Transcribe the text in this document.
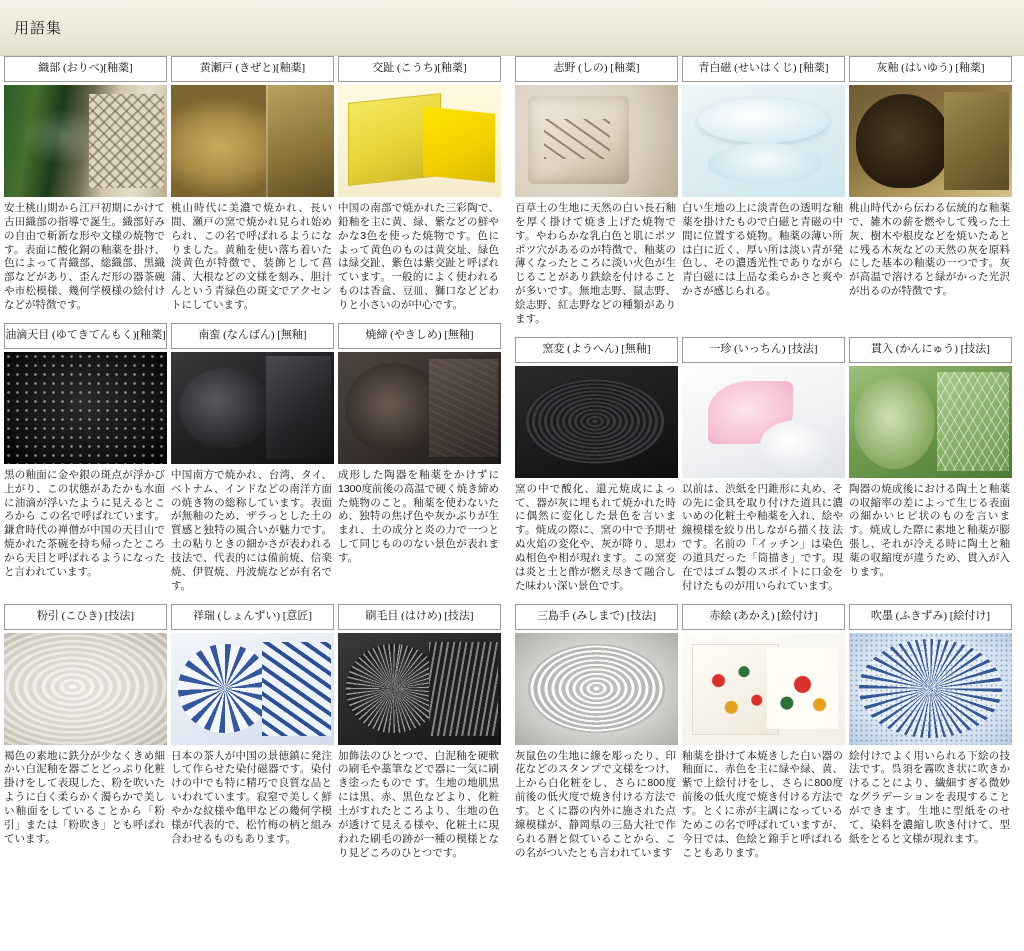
用語集
織部 (おりべ)[釉薬]
安土桃山期から江戸初期にかけて古田織部の指導で誕生。織部好みの自由で斬新な形や文様の焼物です。表面に酸化銅の釉薬を掛け、色によって青織部、総織部、黒織部などがあり、歪んだ形の器茶碗や市松模様、幾何学模様の絵付けなどが特徴です。
黄瀬戸 (きぜと)[釉薬]
桃山時代に美濃で焼かれ、長い間、瀬戸の窯で焼かれ見られ始められ、この名で呼ばれるようになりました。黄釉を使い落ち着いた淡黄色が特徴で、装飾として菖蒲、大根などの文様を刻み、胆汁んという青緑色の斑文でアクセントにしています。
交趾 (こうち)[釉薬]
中国の南部で焼かれた三彩陶で、鉛釉を主に黄、緑、紫などの鮮やかな3色を使った焼物です。色によって黄色のものは黄交址、緑色は緑交趾、紫色は紫交趾と呼ばれています。一般的によく使われるものは香盒、豆皿、獅口などどわりと小さいのが中心です。
油滴天目 (ゆてきてんもく)[釉薬]
黒の釉面に金や銀の斑点が浮かび上がり、この状態があたかも水面に油滴が浮いたように見えるところから この名で呼ばれています。鎌倉時代の禅僧が中国の天目山で焼かれた茶碗を持ち帰ったところから天目と呼ばれるようになったと言われています。
南蛮 (なんばん) [無釉]
中国南方で焼かれ、台湾、タイ、ベトナム、インドなどの南洋方面の焼き物の総称しています。表面が無釉のため、ザラっとした土の質感と独特の風合いが魅力です。土の粘りときの細かさが表われる技法で、代表的には備前焼、信楽焼、伊賀焼、丹波焼などが有名です。
焼締 (やきしめ) [無釉]
成形した陶器を釉薬をかけずに1300度前後の高温で硬く焼き締めた焼物のこと。釉薬を使わないため、独特の焦げ色や灰かぶりが生まれ、土の成分と炎の力で一つとして同じもののない景色が表れます。
粉引 (こひき) [技法]
褐色の素地に鉄分が少なくきめ細かい白泥釉を器ごとどっぷり化粧掛けをして表現した、粉を吹いたように白く柔らかく濁らかで美しい釉面をしていることから「粉引」または「粉吹き」とも呼ばれています。
祥瑞 (しょんずい) [意匠]
日本の茶人が中国の景徳鎮に発注して作らせた染付磁器です。染付けの中でも特に精巧で良質な品といわれています。寂窒で美しく鮮やかな紋様や亀甲などの幾何学模様が代表的で、松竹梅の柄と組み合わせるものもあります。
刷毛目 (はけめ) [技法]
加飾法のひとつで、白泥釉を硬軟の刷毛や藁筆などで器に一気に刷き塗ったもので す。生地の地肌黒には黒、赤、黒色などより、化粧土がすれたところより、生地の色が透けて見える様や、化粧土に現われた刷毛の跡が一種の模様となり見どころのひとつです。
志野 (しの) [釉薬]
百草土の生地に天然の白い長石釉を厚く掛けて焼き上げた焼物です。やわらかな乳白色と肌にポツポツ穴があるのが特徴で、釉薬の薄くなったところに淡い火色が生じることがあり鉄絵を付けることが多いです。無地志野、鼠志野、絵志野、紅志野などの種類があります。
青白磁 (せいはくじ) [釉薬]
白い生地の上に淡青色の透明な釉薬を掛けたもので白磁と青磁の中間に位置する焼物。釉薬の薄い所は白に近く、厚い所は淡い青が発色し、その濃透光性でありながら青白磁には上品な柔らかさと爽やかさが感じられる。
灰釉 (はいゆう) [釉薬]
桃山時代から伝わる伝統的な釉薬で、雑木の薪を燃やして残った土灰、樹木や根皮などを焼いたあとに残る木灰などの天然の灰を原料にした基本の釉薬の一つです。灰が高温で溶けると緑がかった光沢が出るのが特徴です。
窯変 (ようへん) [無釉]
窯の中で酸化、還元焼成によって、器が灰に埋もれて焼かれた時に偶然に変化した景色を言います。焼成の際に、窯の中で予期せぬ火焰の変化や、灰が降り、思わぬ相色や相が現れます。この窯変は炎と土と酢が燃え尽きて融合した味わい深い景色です。
一珍 (いっちん) [技法]
以前は、渋紙を円錐形に丸め、その先に金具を取り付けた道具に濃いめの化粧土や釉薬を入れ、絵や線模様を絞り出しながら描く技 法です。名前の「イッチン」は染色の道具だった「筒描き」です。現在ではゴム製のスポイトに口金を付けたものが用いられています。
貫入 (かんにゅう) [技法]
陶器の焼成後における陶土と釉薬の収縮率の差によって生じる表面の細かいヒビ状のものを言います。焼成した際に素地と釉薬が膨張し、それが冷える時に陶土と釉薬の収縮度が違うため、貫入が入ります。
三島手 (みしまで) [技法]
灰鼠色の生地に線を彫ったり、印花などのスタンプで文様をつけ、上から白化粧をし、さらに800度前後の低火度で焼き付ける方法です。とくに器の内外に施された点線模様が、静岡県の三島大社で作られる暦と似ていることから、この名がついたとも言われています
赤絵 (あかえ) [絵付け]
釉薬を掛けて本焼きした白い器の釉面に、赤色を主に緑や緑、黄、紫で上絵付けをし、さらに800度前後の低火度で焼き付ける方法です。とくに赤が主調になっているためこの名で呼ばれていますが、今日では、色絵と錦手と呼ばれることもあります。
吹墨 (ふきずみ) [絵付け]
絵付けでよく用いられる下絵の技法です。呉須を霧吹き状に吹きかけることにより、繊細すぎる微妙なグラデーションを表現することができます。生地に型紙をのせて、染料を濃縮し吹き付けて、型紙をとると文様が現れます。
